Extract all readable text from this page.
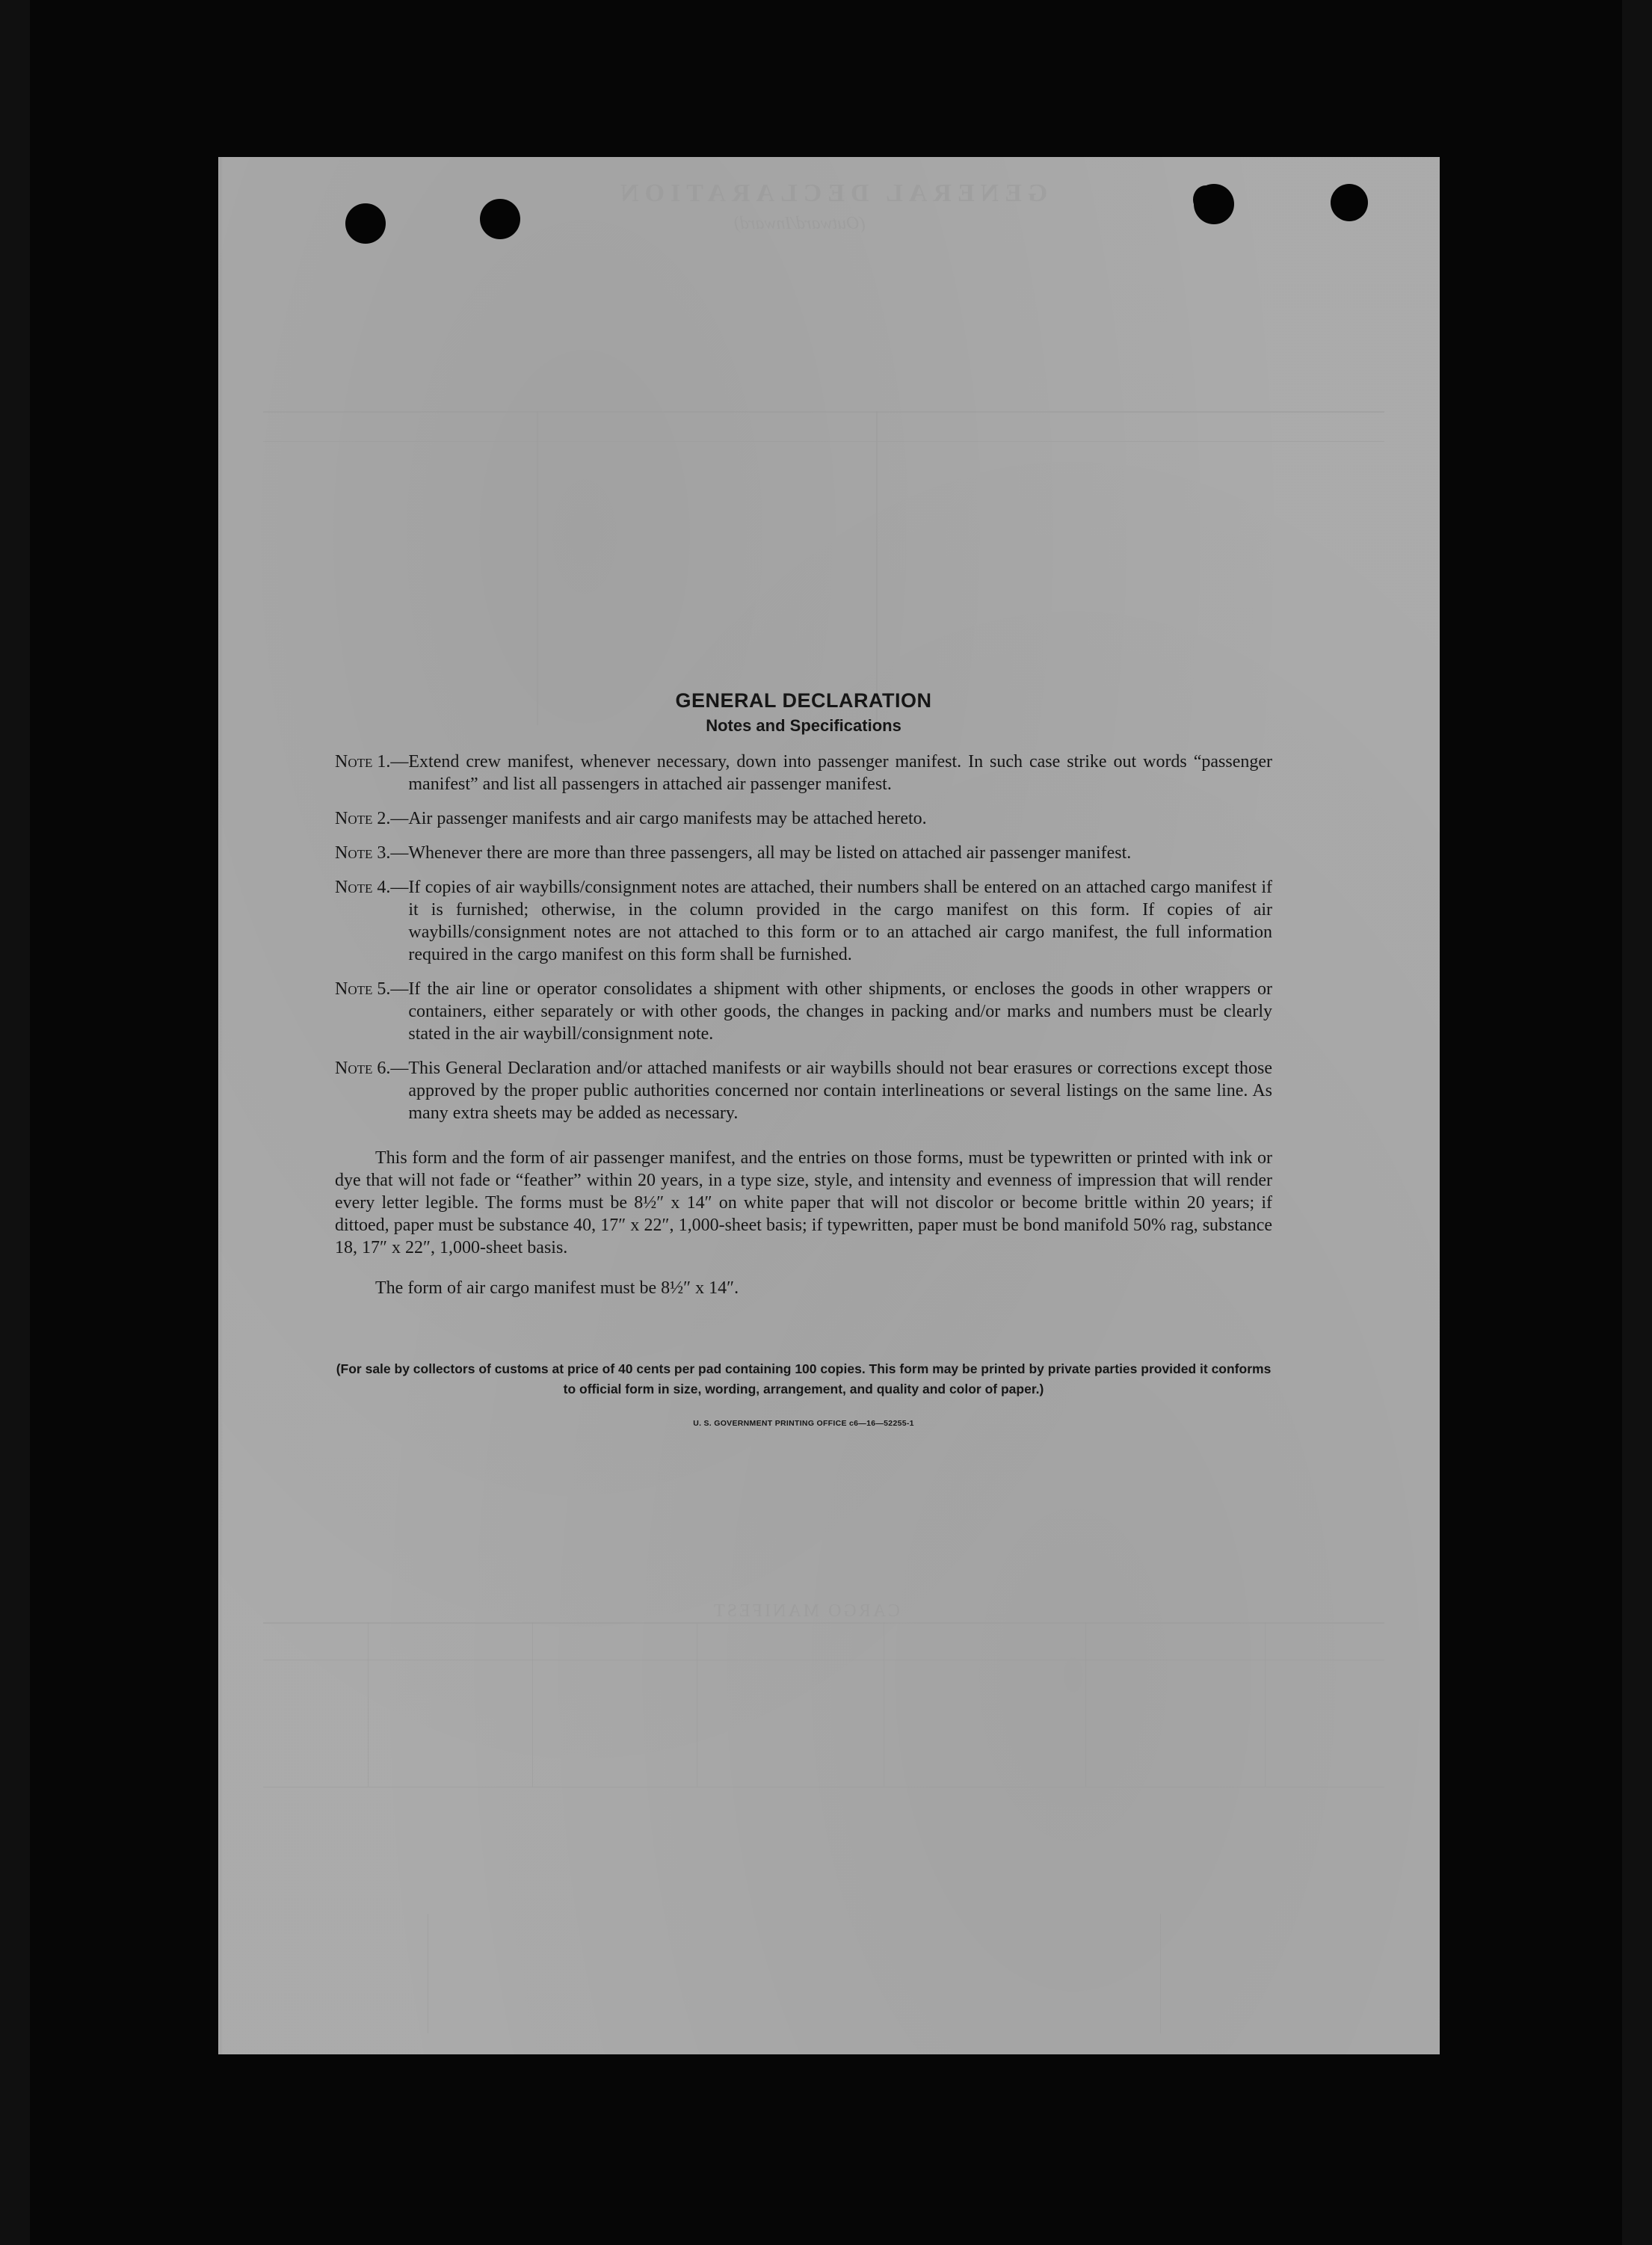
GENERAL DECLARATION
(Outward/Inward)
CARGO MANIFEST
GENERAL DECLARATION
Notes and Specifications
Note 1.— Extend crew manifest, whenever necessary, down into passenger manifest. In such case strike out words “passenger manifest” and list all passengers in attached air passenger manifest.
Note 2.— Air passenger manifests and air cargo manifests may be attached hereto.
Note 3.— Whenever there are more than three passengers, all may be listed on attached air passenger manifest.
Note 4.— If copies of air waybills/consignment notes are attached, their numbers shall be entered on an attached cargo manifest if it is furnished; otherwise, in the column provided in the cargo manifest on this form. If copies of air waybills/consignment notes are not attached to this form or to an attached air cargo manifest, the full information required in the cargo manifest on this form shall be furnished.
Note 5.— If the air line or operator consolidates a shipment with other shipments, or encloses the goods in other wrappers or containers, either separately or with other goods, the changes in packing and/or marks and numbers must be clearly stated in the air waybill/consignment note.
Note 6.— This General Declaration and/or attached manifests or air waybills should not bear erasures or corrections except those approved by the proper public authorities concerned nor contain interlineations or several listings on the same line. As many extra sheets may be added as necessary.

This form and the form of air passenger manifest, and the entries on those forms, must be typewritten or printed with ink or dye that will not fade or “feather” within 20 years, in a type size, style, and intensity and evenness of impression that will render every letter legible. The forms must be 8½″ x 14″ on white paper that will not discolor or become brittle within 20 years; if dittoed, paper must be substance 40, 17″ x 22″, 1,000-sheet basis; if typewritten, paper must be bond manifold 50% rag, substance 18, 17″ x 22″, 1,000-sheet basis.

The form of air cargo manifest must be 8½″ x 14″.

(For sale by collectors of customs at price of 40 cents per pad containing 100 copies. This form may be printed by private parties provided it conforms to official form in size, wording, arrangement, and quality and color of paper.)
U. S. GOVERNMENT PRINTING OFFICE c6—16—52255-1
